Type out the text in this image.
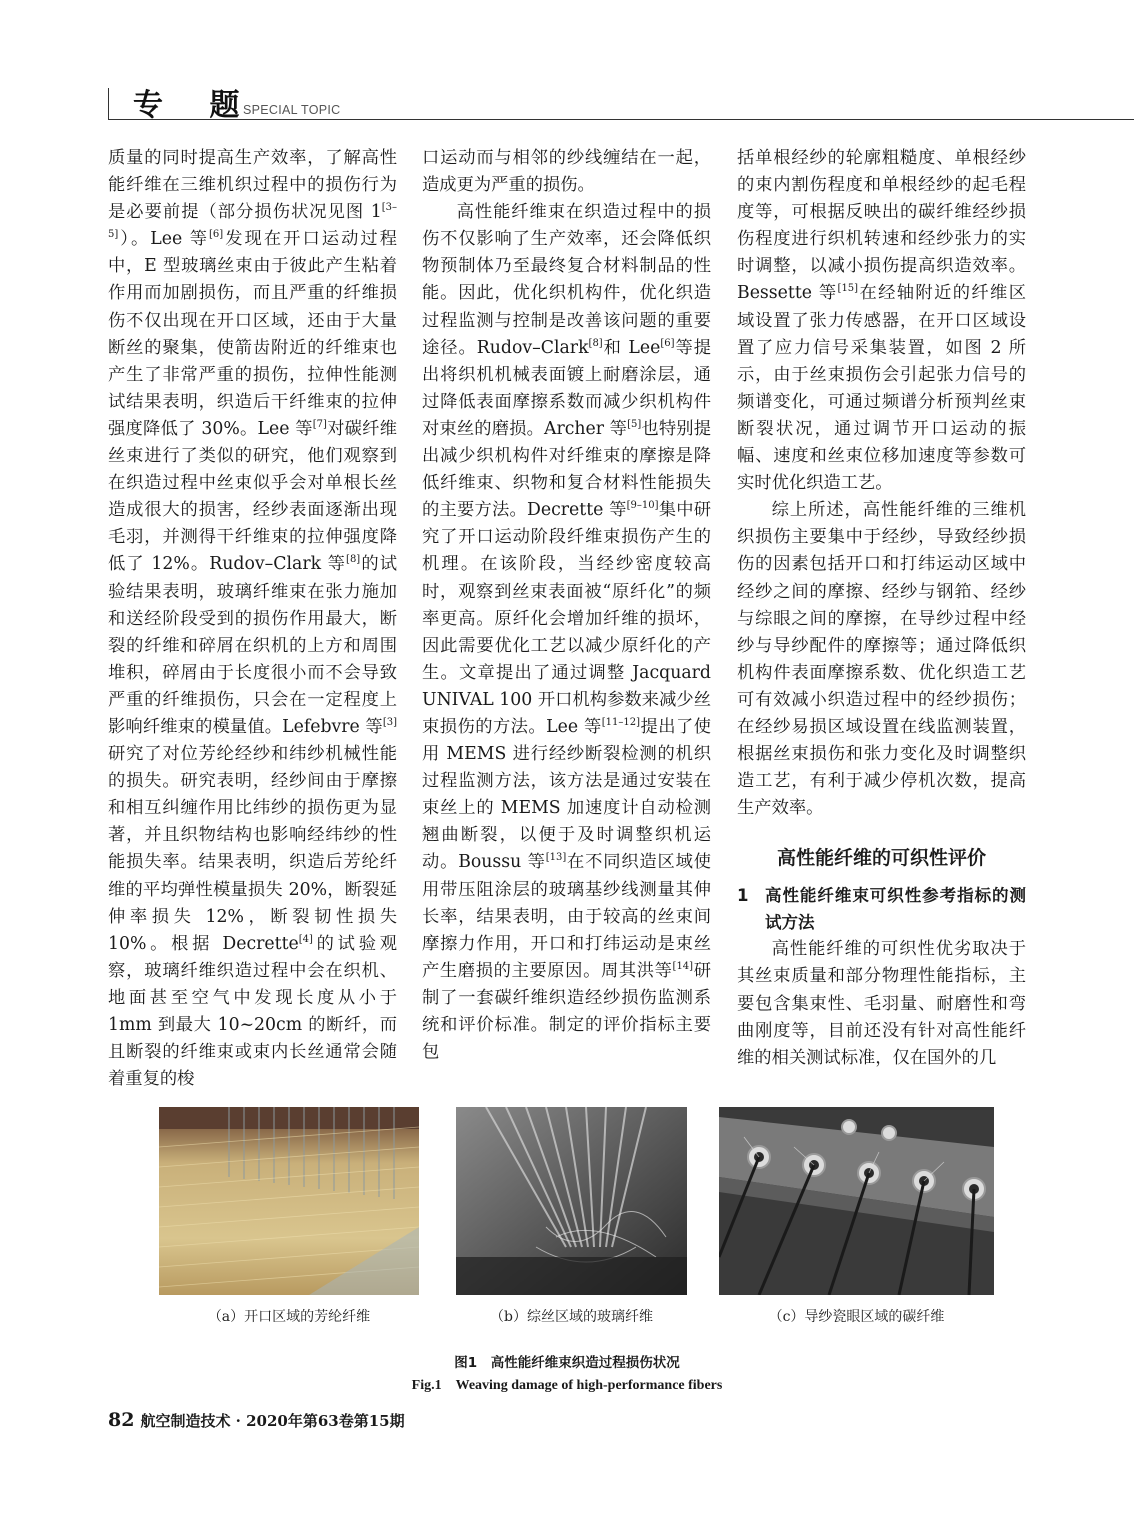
专 题
SPECIAL TOPIC

质量的同时提高生产效率，了解高性能纤维在三维机织过程中的损伤行为是必要前提（部分损伤状况见图 1[3–5]）。Lee 等[6]发现在开口运动过程中，E 型玻璃丝束由于彼此产生粘着作用而加剧损伤，而且严重的纤维损伤不仅出现在开口区域，还由于大量断丝的聚集，使箭齿附近的纤维束也产生了非常严重的损伤，拉伸性能测试结果表明，织造后干纤维束的拉伸强度降低了 30%。Lee 等[7]对碳纤维丝束进行了类似的研究，他们观察到在织造过程中丝束似乎会对单根长丝造成很大的损害，经纱表面逐渐出现毛羽，并测得干纤维束的拉伸强度降低了 12%。Rudov–Clark 等[8]的试验结果表明，玻璃纤维束在张力施加和送经阶段受到的损伤作用最大，断裂的纤维和碎屑在织机的上方和周围堆积，碎屑由于长度很小而不会导致严重的纤维损伤，只会在一定程度上影响纤维束的模量值。Lefebvre 等[3]研究了对位芳纶经纱和纬纱机械性能的损失。研究表明，经纱间由于摩擦和相互纠缠作用比纬纱的损伤更为显著，并且织物结构也影响经纬纱的性能损失率。结果表明，织造后芳纶纤维的平均弹性模量损失 20%，断裂延伸率损失 12%，断裂韧性损失 10%。根据 Decrette[4]的试验观察，玻璃纤维织造过程中会在织机、地面甚至空气中发现长度从小于 1mm 到最大 10~20cm 的断纤，而且断裂的纤维束或束内长丝通常会随着重复的梭

口运动而与相邻的纱线缠结在一起，造成更为严重的损伤。

高性能纤维束在织造过程中的损伤不仅影响了生产效率，还会降低织物预制体乃至最终复合材料制品的性能。因此，优化织机构件，优化织造过程监测与控制是改善该问题的重要途径。Rudov–Clark[8]和 Lee[6]等提出将织机机械表面镀上耐磨涂层，通过降低表面摩擦系数而减少织机构件对束丝的磨损。Archer 等[5]也特别提出减少织机构件对纤维束的摩擦是降低纤维束、织物和复合材料性能损失的主要方法。Decrette 等[9–10]集中研究了开口运动阶段纤维束损伤产生的机理。在该阶段，当经纱密度较高时，观察到丝束表面被“原纤化”的频率更高。原纤化会增加纤维的损坏，因此需要优化工艺以减少原纤化的产生。文章提出了通过调整 Jacquard UNIVAL 100 开口机构参数来减少丝束损伤的方法。Lee 等[11–12]提出了使用 MEMS 进行经纱断裂检测的机织过程监测方法，该方法是通过安装在束丝上的 MEMS 加速度计自动检测翘曲断裂，以便于及时调整织机运动。Boussu 等[13]在不同织造区域使用带压阻涂层的玻璃基纱线测量其伸长率，结果表明，由于较高的丝束间摩擦力作用，开口和打纬运动是束丝产生磨损的主要原因。周其洪等[14]研制了一套碳纤维织造经纱损伤监测系统和评价标准。制定的评价指标主要包

括单根经纱的轮廓粗糙度、单根经纱的束内割伤程度和单根经纱的起毛程度等，可根据反映出的碳纤维经纱损伤程度进行织机转速和经纱张力的实时调整，以减小损伤提高织造效率。Bessette 等[15]在经轴附近的纤维区域设置了张力传感器，在开口区域设置了应力信号采集装置，如图 2 所示，由于丝束损伤会引起张力信号的频谱变化，可通过频谱分析预判丝束断裂状况，通过调节开口运动的振幅、速度和丝束位移加速度等参数可实时优化织造工艺。

综上所述，高性能纤维的三维机织损伤主要集中于经纱，导致经纱损伤的因素包括开口和打纬运动区域中经纱之间的摩擦、经纱与钢筘、经纱与综眼之间的摩擦，在导纱过程中经纱与导纱配件的摩擦等；通过降低织机构件表面摩擦系数、优化织造工艺可有效减小织造过程中的经纱损伤；在经纱易损区域设置在线监测装置，根据丝束损伤和张力变化及时调整织造工艺，有利于减少停机次数，提高生产效率。

高性能纤维的可织性评价
1	高性能纤维束可织性参考指标的测试方法

高性能纤维的可织性优劣取决于其丝束质量和部分物理性能指标，主要包含集束性、毛羽量、耐磨性和弯曲刚度等，目前还没有针对高性能纤维的相关测试标准，仅在国外的几

（a）开口区域的芳纶纤维	（b）综丝区域的玻璃纤维	（c）导纱瓷眼区域的碳纤维
图1　高性能纤维束织造过程损伤状况
Fig.1　Weaving damage of high-performance fibers
82 航空制造技术 · 2020年第63卷第15期
